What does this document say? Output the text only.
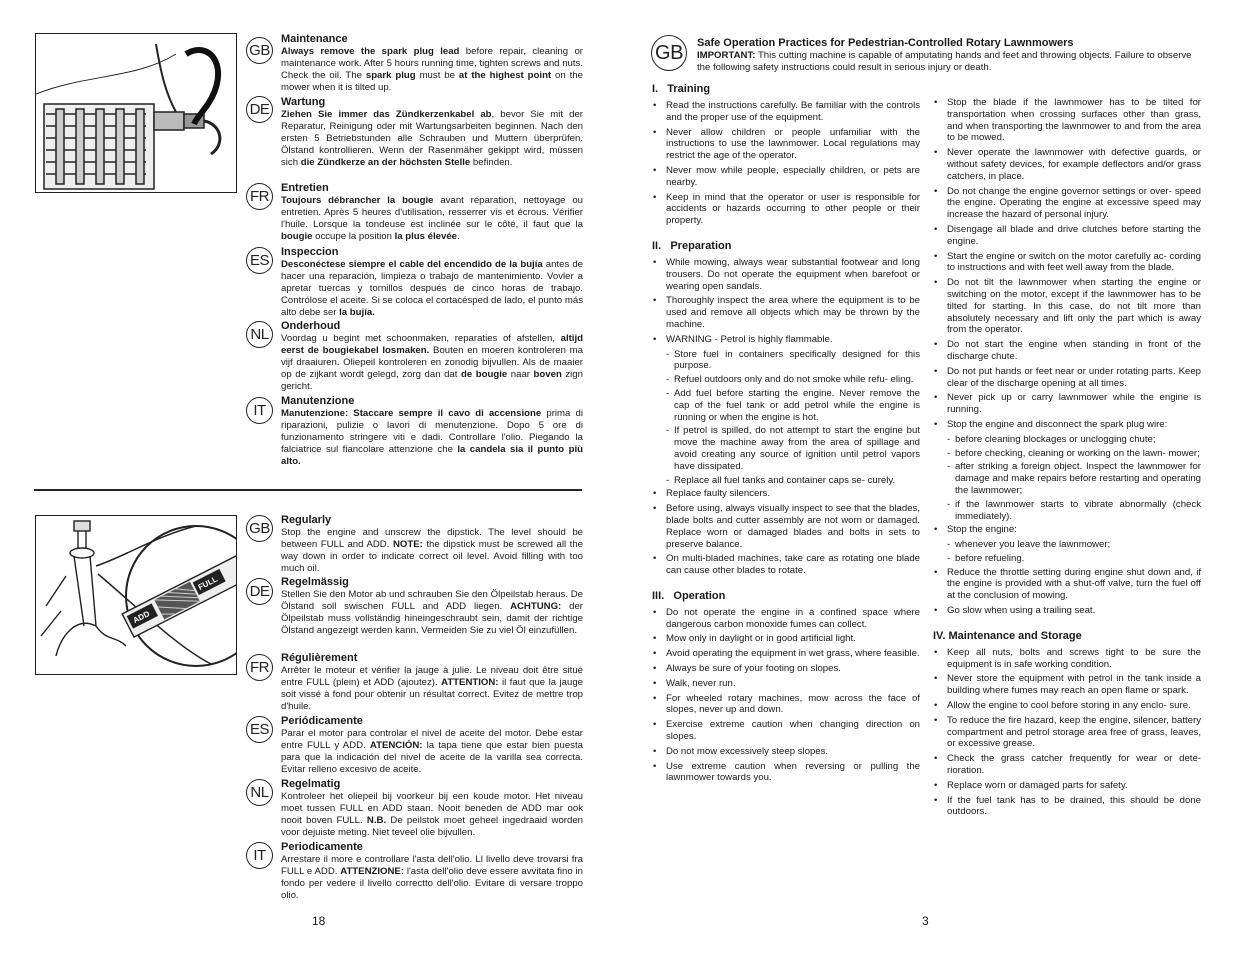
GB
Maintenance

Always remove the spark plug lead before repair, cleaning or maintenance work. After 5 hours running time, tighten screws and nuts. Check the oil. The spark plug must be at the highest point on the mower when it is tilted up.

DE	Wartung

Ziehen Sie immer das Zündkerzenkabel ab, bevor Sie mit der Reparatur, Reinigung oder mit Wartungsarbeiten beginnen. Nach den ersten 5 Betriebstunden alle Schrauben und Muttern überprüfen. Ölstand kontrollieren. Wenn der Rasenmäher gekippt wird, müssen sich die Zündkerze an der höchsten Stelle befinden.

FR	Entretien

Toujours débrancher la bougie avant réparation, nettoyage ou entretien. Après 5 heures d'utilisation, resserrer vis et écrous. Vérifier l'huile. Lorsque la tondeuse est inclinée sur le côté, il faut que la bougie occupe la position la plus élevée.

ES	Inspeccion

Desconéctese siempre el cable del encendido de la bujía antes de hacer una reparación, limpieza o trabajo de mantenimiento. Vovler a apretar tuercas y tornillos después de cinco horas de trabajo. Contrólose el aceite. Si se coloca el cortacésped de lado, el punto más alto debe ser la bujía.

NL	Onderhoud

Voordag u begint met schoonmaken, reparaties of afstellen, altijd eerst de bougiekabel losmaken. Bouten en moeren kontroleren ma vijf draaiuren. Oliepeil kontroleren en zonodig bijvullen. Als de maaier op de zijkant wordt gelegd, zorg dan dat de bougie naar boven zign gericht.

IT
Manutenzione

Manutenzione: Staccare sempre il cavo di accensione prima di riparazioni, pulizie o lavori di menutenzione. Dopo 5 ore di funzionamento stringere viti e dadi. Controllare l'olio. Piegando la falciatrice sul fiancolare attenzione che la candela sia il punto più alto.

ADD
FULL
GB Regularly

Stop the engine and unscrew the dipstick. The level should be between FULL and ADD. NOTE: the dipstick must be screwed all the way down in order to indicate correct oil level. Avoid filling with too much oil.

DE
Regelmässig

Stellen Sie den Motor ab und schrauben Sie den Ölpeilstab heraus. De Ölstand soll swischen FULL and ADD liegen. ACHTUNG: der Ölpeilstab muss vollständig hineingeschraubt sein, damit der richtige Ölstand angezeigt werden kann. Vermeiden Sie zu viel Öl einzufüllen.

FR
Régulièrement

Arrêter le moteur et vérifier la jauge à julie. Le niveau doit être situé entre FULL (plein) et ADD (ajoutez). ATTENTION: il faut que la jauge soit vissé à fond pour obtenir un résultat correct. Evitez de mettre trop d'huile.

ES	Periódicamente

Parar el motor para controlar el nivel de aceite del motor. Debe estar entre FULL y ADD. ATENCIÓN: la tapa tiene que estar bien puesta para que la indicación del nivel de aceite de la varilla sea correcta. Evitar relleno excesivo de aceite.

NL	Regelmatig

Kontroleer het oliepeil bij voorkeur bij een koude motor. Het niveau moet tussen FULL en ADD staan. Nooit beneden de ADD mar ook nooit boven FULL. N.B. De peilstok moet geheel ingedraaid worden voor dejuiste meting. Niet teveel olie bijvullen.

IT	Periodicamente

Arrestare il more e controllare l'asta dell'olio. Ll livello deve trovarsi fra FULL e ADD. ATTENZIONE: l'asta dell'olio deve essere avvitata fino in fondo per vedere il livello correctto dell'olio. Evitare di versare troppo olio.

18
GB	Safe Operation Practices for Pedestrian-Controlled Rotary Lawnmowers
IMPORTANT: This cutting machine is capable of amputating hands and feet and throwing objects. Failure to observe the following safety instructions could result in serious injury or death.
I.   Training
• Read the instructions carefully. Be familiar with the controls and the proper use of the equipment.
• Never allow children or people unfamiliar with the instructions to use the lawnmower. Local regulations may restrict the age of the operator.
• Never mow while people, especially children, or pets are nearby.
• Keep in mind that the operator or user is responsible for accidents or hazards occurring to other people or their property.
II.   Preparation
• While mowing, always wear substantial footwear and long trousers. Do not operate the equipment when barefoot or wearing open sandals.
• Thoroughly inspect the area where the equipment is to be used and remove all objects which may be thrown by the machine.
• WARNING - Petrol is highly flammable.
- Store fuel in containers specifically designed for this purpose.
- Refuel outdoors only and do not smoke while refu- eling.
- Add fuel before starting the engine. Never remove the cap of the fuel tank or add petrol while the engine is running or when the engine is hot.
- If petrol is spilled, do not attempt to start the engine but move the machine away from the area of spillage and avoid creating any source of ignition until petrol vapors have dissipated.
- Replace all fuel tanks and container caps se- curely.
• Replace faulty silencers.
• Before using, always visually inspect to see that the blades, blade bolts and cutter assembly are not worn or damaged. Replace worn or damaged blades and bolts in sets to preserve balance.
• On multi-bladed machines, take care as rotating one blade can cause other blades to rotate.
III.   Operation
• Do not operate the engine in a confined space where dangerous carbon monoxide fumes can collect.
• Mow only in daylight or in good artificial light.
• Avoid operating the equipment in wet grass, where feasible.
• Always be sure of your footing on slopes.
• Walk, never run.
• For wheeled rotary machines, mow across the face of slopes, never up and down.
• Exercise extreme caution when changing direction on slopes.
• Do not mow excessively steep slopes.
• Use extreme caution when reversing or pulling the lawnmower towards you.
• Stop the blade if the lawnmower has to be tilted for transportation when crossing surfaces other than grass, and when transporting the lawnmower to and from the area to be mowed.
• Never operate the lawnmower with defective guards, or without safety devices, for example deflectors and/or grass catchers, in place.
• Do not change the engine governor settings or over- speed the engine. Operating the engine at excessive speed may increase the hazard of personal injury.
• Disengage all blade and drive clutches before starting the engine.
• Start the engine or switch on the motor carefully ac- cording to instructions and with feet well away from the blade.
• Do not tilt the lawnmower when starting the engine or switching on the motor, except if the lawnmower has to be tilted for starting. In this case, do not tilt more than absolutely necessary and lift only the part which is away from the operator.
• Do not start the engine when standing in front of the discharge chute.
• Do not put hands or feet near or under rotating parts. Keep clear of the discharge opening at all times.
• Never pick up or carry lawnmower while the engine is running.
• Stop the engine and disconnect the spark plug wire:
- before cleaning blockages or unclogging chute;
- before checking, cleaning or working on the lawn- mower;
- after striking a foreign object. Inspect the lawnmower for damage and make repairs before restarting and operating the lawnmower;
- if the lawnmower starts to vibrate abnormally (check immediately).
• Stop the engine:
- whenever you leave the lawnmower;
- before refueling.
• Reduce the throttle setting during engine shut down and, if the engine is provided with a shut-off valve, turn the fuel off at the conclusion of mowing.
• Go slow when using a trailing seat.
IV. Maintenance and Storage
• Keep all nuts, bolts and screws tight to be sure the equipment is in safe working condition.
• Never store the equipment with petrol in the tank inside a building where fumes may reach an open flame or spark.
• Allow the engine to cool before storing in any enclo- sure.
• To reduce the fire hazard, keep the engine, silencer, battery compartment and petrol storage area free of grass, leaves, or excessive grease.
• Check the grass catcher frequently for wear or dete- rioration.
• Replace worn or damaged parts for safety.
• If the fuel tank has to be drained, this should be done outdoors.
3
